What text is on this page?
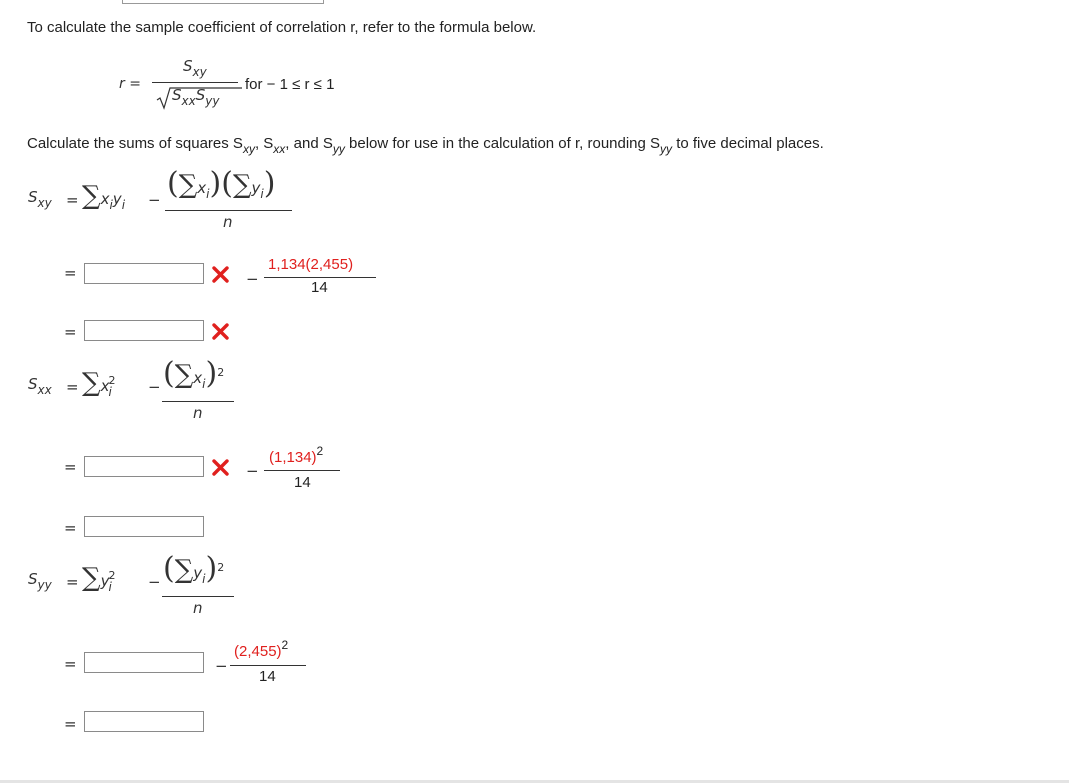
To calculate the sample coefficient of correlation r, refer to the formula below.
r =
$S_{xy}$
$S_{xx}S_{yy}$
for − 1 ≤ r ≤ 1
Calculate the sums of squares $S_{xy}$, $S_{xx}$, and $S_{yy}$ below for use in the calculation of r, rounding $S_{yy}$ to five decimal places.
$S_{xy} = \sum x_iy_i - (\sum x_i)(\sum y_i)$
n
=	−
1,134(2,455)
14
=
$S_{xx} = \sum x^2_i - (\sum x_i)^2$
n
=	−
$(1,134)^2$
14
=
$S_{yy} = \sum y^2_i - (\sum y_i)^2$
n
=	−
$(2,455)^2$
14
=
